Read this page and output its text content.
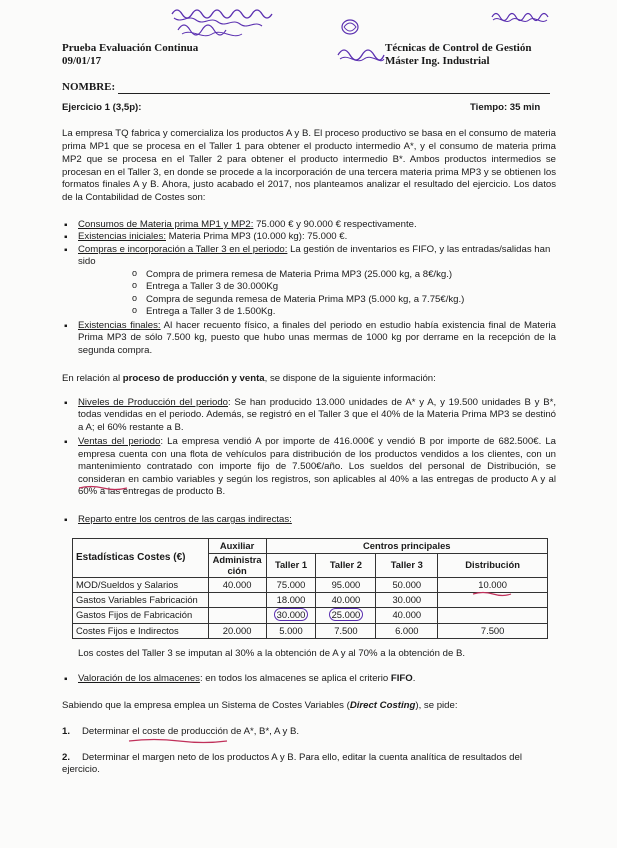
Prueba Evaluación Continua
09/01/17
Técnicas de Control de Gestión
Máster Ing. Industrial
NOMBRE:
Ejercicio 1 (3,5p):	Tiempo: 35 min
La empresa TQ fabrica y comercializa los productos A y B. El proceso productivo se basa en el consumo de materia prima MP1 que se procesa en el Taller 1 para obtener el producto intermedio A*, y el consumo de materia prima MP2 que se procesa en el Taller 2 para obtener el producto intermedio B*. Ambos productos intermedios se procesan en el Taller 3, en donde se procede a la incorporación de una tercera materia prima MP3 y se obtienen los formatos finales A y B. Ahora, justo acabado el 2017, nos planteamos analizar el resultado del ejercicio. Los datos de la Contabilidad de Costes son:
▪ Consumos de Materia prima MP1 y MP2: 75.000 € y 90.000 € respectivamente.
▪ Existencias iniciales: Materia Prima MP3 (10.000 kg): 75.000 €.
▪ Compras e incorporación a Taller 3 en el periodo: La gestión de inventarios es FIFO, y las entradas/salidas han sido
o Compra de primera remesa de Materia Prima MP3 (25.000 kg, a 8€/kg.)
o Entrega a Taller 3 de 30.000Kg
o Compra de segunda remesa de Materia Prima MP3 (5.000 kg, a 7.75€/kg.)
o Entrega a Taller 3 de 1.500Kg.
▪ Existencias finales: Al hacer recuento físico, a finales del periodo en estudio había existencia final de Materia Prima MP3 de sólo 7.500 kg, puesto que hubo unas mermas de 1000 kg por derrame en la recepción de la segunda compra.
En relación al proceso de producción y venta, se dispone de la siguiente información:
▪ Niveles de Producción del periodo: Se han producido 13.000 unidades de A* y A, y 19.500 unidades B y B*, todas vendidas en el periodo. Además, se registró en el Taller 3 que el 40% de la Materia Prima MP3 se destinó a A; el 60% restante a B.
▪ Ventas del periodo: La empresa vendió A por importe de 416.000€ y vendió B por importe de 682.500€. La empresa cuenta con una flota de vehículos para distribución de los productos vendidos a los clientes, con un mantenimiento contratado con importe fijo de 7.500€/año. Los sueldos del personal de Distribución, se consideran en cambio variables y según los registros, son aplicables al 40% a las entregas de producto A y al 60% a las entregas de producto B.
▪ Reparto entre los centros de las cargas indirectas:
Estadísticas Costes (€)	Auxiliar	Centros principales			
	Administración	Taller 1	Taller 2	Taller 3	Distribución
MOD/Sueldos y Salarios	40.000	75.000	95.000	50.000	10.000
Gastos Variables Fabricación		18.000	40.000	30.000	
Gastos Fijos de Fabricación		30.000	25.000	40.000	
Costes Fijos e Indirectos	20.000	5.000	7.500	6.000	7.500
Los costes del Taller 3 se imputan al 30% a la obtención de A y al 70% a la obtención de B.
▪ Valoración de los almacenes: en todos los almacenes se aplica el criterio FIFO.
Sabiendo que la empresa emplea un Sistema de Costes Variables (Direct Costing), se pide:
1. Determinar el coste de producción de A*, B*, A y B.
2. Determinar el margen neto de los productos A y B. Para ello, editar la cuenta analítica de resultados del ejercicio.
